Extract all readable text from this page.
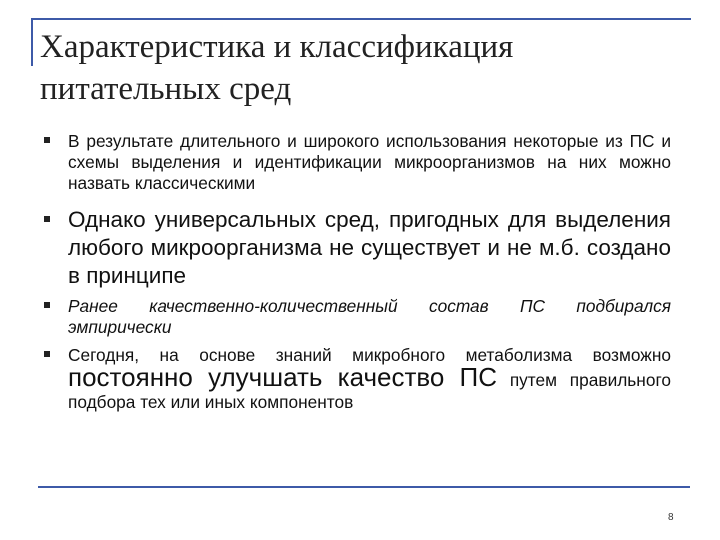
Характеристика и классификация
питательных сред
В результате длительного и широкого использования некоторые из ПС и схемы выделения и идентификации микроорганизмов на них можно назвать классическими
Однако универсальных сред, пригодных для выделения любого микроорганизма не существует и не м.б. создано в принципе
Ранее качественно-количественный состав ПС подбирался эмпирически
Сегодня, на основе знаний микробного метаболизма возможно постоянно улучшать качество ПС путем правильного подбора тех или иных компонентов
8
